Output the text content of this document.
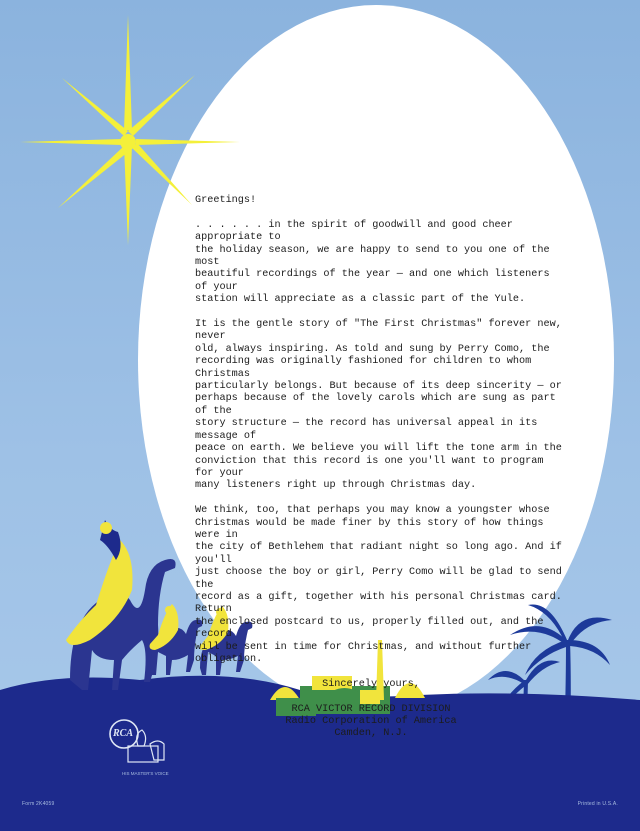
RCA
HIS MASTER'S VOICE

Greetings!

. . . . . . in the spirit of goodwill and good cheer appropriate to
the holiday season, we are happy to send to you one of the most
beautiful recordings of the year — and one which listeners of your
station will appreciate as a classic part of the Yule.

It is the gentle story of "The First Christmas" forever new, never
old, always inspiring. As told and sung by Perry Como, the
recording was originally fashioned for children to whom Christmas
particularly belongs. But because of its deep sincerity — or
perhaps because of the lovely carols which are sung as part of the
story structure — the record has universal appeal in its message of
peace on earth. We believe you will lift the tone arm in the
conviction that this record is one you'll want to program for your
many listeners right up through Christmas day.

We think, too, that perhaps you may know a youngster whose
Christmas would be made finer by this story of how things were in
the city of Bethlehem that radiant night so long ago. And if you'll
just choose the boy or girl, Perry Como will be glad to send the
record as a gift, together with his personal Christmas card. Return
the enclosed postcard to us, properly filled out, and the record
will be sent in time for Christmas, and without further obligation.

Sincerely yours,

RCA VICTOR RECORD DIVISION
Radio Corporation of America
Camden, N.J.

Form 2K4059	Printed in U.S.A.
